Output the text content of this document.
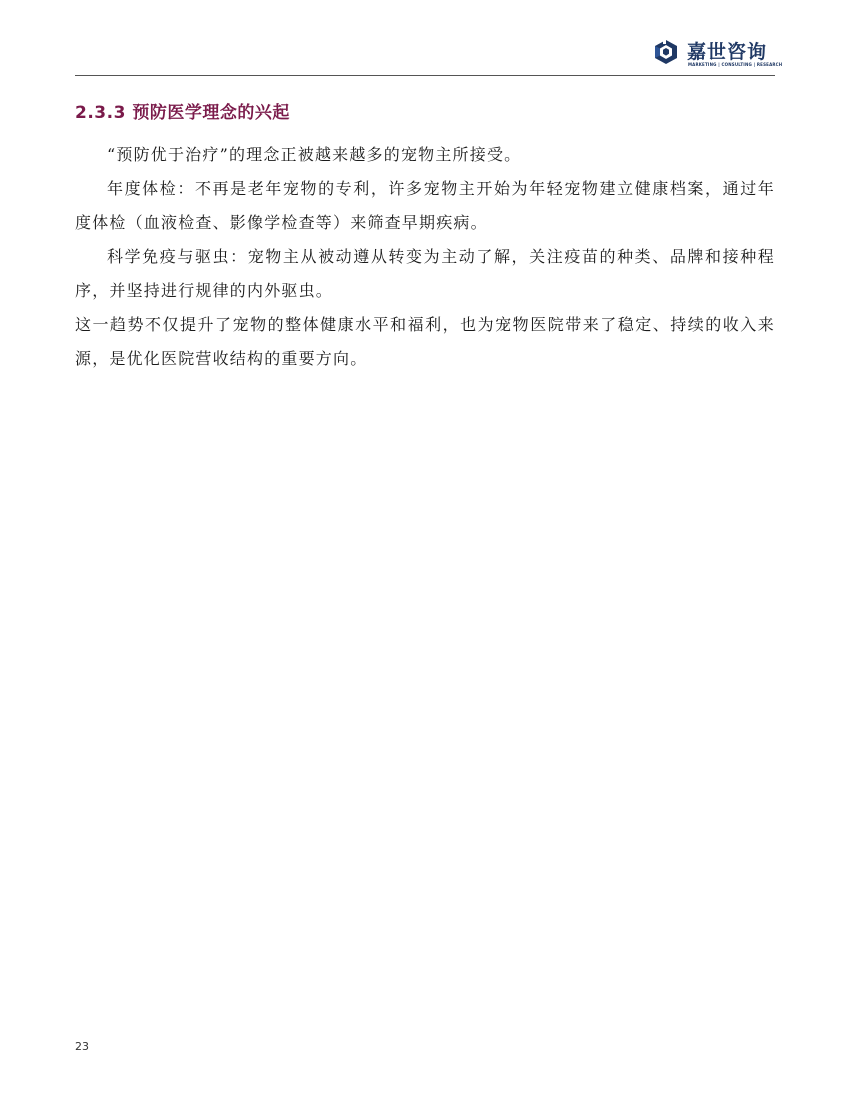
嘉世咨询
MARKETING | CONSULTING | RESEARCH
2.3.3 预防医学理念的兴起

“预防优于治疗”的理念正被越来越多的宠物主所接受。

年度体检：不再是老年宠物的专利，许多宠物主开始为年轻宠物建立健康档案，通过年度体检（血液检查、影像学检查等）来筛查早期疾病。

科学免疫与驱虫：宠物主从被动遵从转变为主动了解，关注疫苗的种类、品牌和接种程序，并坚持进行规律的内外驱虫。

这一趋势不仅提升了宠物的整体健康水平和福利，也为宠物医院带来了稳定、持续的收入来源，是优化医院营收结构的重要方向。

23
